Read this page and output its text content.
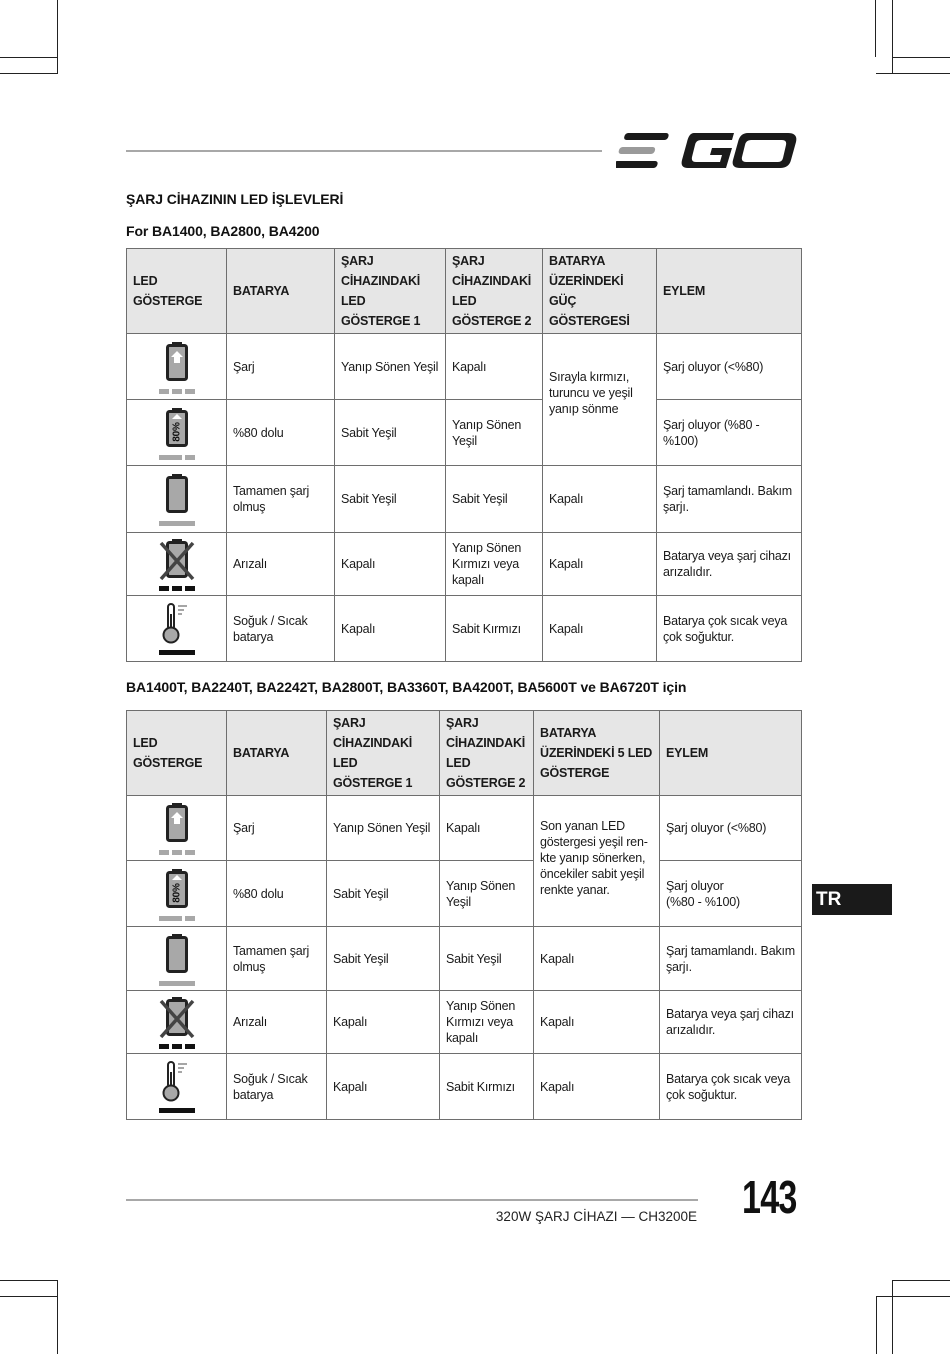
ŞARJ CİHAZININ LED İŞLEVLERİ
For BA1400, BA2800, BA4200
LED
GÖSTERGE	BATARYA	ŞARJ
CİHAZINDAKİ LED
GÖSTERGE 1	ŞARJ
CİHAZINDAKİ
LED
GÖSTERGE 2	BATARYA
ÜZERİNDEKİ GÜÇ
GÖSTERGESİ	EYLEM

	Şarj	Yanıp Sönen Yeşil	Kapalı	Sırayla kırmızı,
turuncu ve yeşil
yanıp sönme	Şarj oluyor (<%80)

80%	%80 dolu	Sabit Yeşil	Yanıp Sönen
Yeşil		Şarj oluyor (%80 - %100)

	Tamamen şarj
olmuş	Sabit Yeşil	Sabit Yeşil	Kapalı	Şarj tamamlandı. Bakım
şarjı.

	Arızalı	Kapalı	Yanıp Sönen
Kırmızı veya
kapalı	Kapalı	Batarya veya şarj cihazı
arızalıdır.

	Soğuk / Sıcak
batarya	Kapalı	Sabit Kırmızı	Kapalı	Batarya çok sıcak veya
çok soğuktur.
BA1400T, BA2240T, BA2242T, BA2800T, BA3360T, BA4200T, BA5600T ve BA6720T için
LED
GÖSTERGE	BATARYA	ŞARJ
CİHAZINDAKİ LED
GÖSTERGE 1	ŞARJ
CİHAZINDAKİ
LED
GÖSTERGE 2	BATARYA
ÜZERİNDEKİ 5 LED
GÖSTERGE	EYLEM

	Şarj	Yanıp Sönen Yeşil	Kapalı	Son yanan LED
göstergesi yeşil ren-
kte yanıp sönerken,
öncekiler sabit yeşil
renkte yanar.	Şarj oluyor (<%80)

80%	%80 dolu	Sabit Yeşil	Yanıp Sönen
Yeşil		Şarj oluyor
(%80 - %100)

	Tamamen şarj
olmuş	Sabit Yeşil	Sabit Yeşil	Kapalı	Şarj tamamlandı. Bakım
şarjı.

	Arızalı	Kapalı	Yanıp Sönen
Kırmızı veya
kapalı	Kapalı	Batarya veya şarj cihazı
arızalıdır.

	Soğuk / Sıcak
batarya	Kapalı	Sabit Kırmızı	Kapalı	Batarya çok sıcak veya
çok soğuktur.
TR
320W ŞARJ CİHAZI — CH3200E 143
